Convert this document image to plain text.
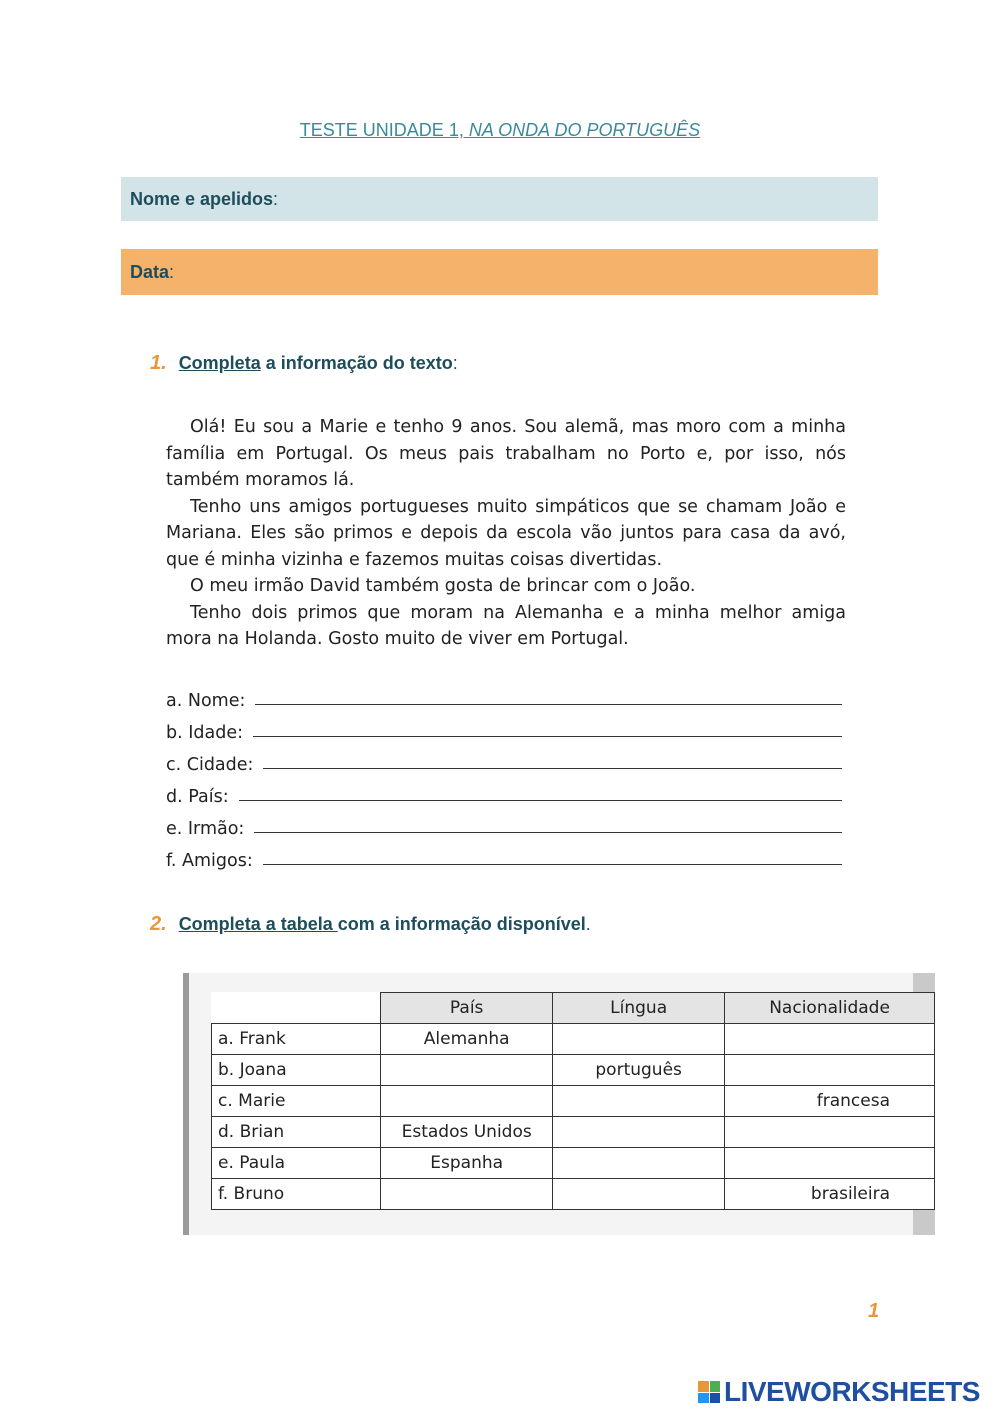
TESTE UNIDADE 1, NA ONDA DO PORTUGUÊS
Nome e apelidos :
Data :
1. Completa a informação do texto:

Olá! Eu sou a Marie e tenho 9 anos. Sou alemã, mas moro com a minha família em Portugal. Os meus pais trabalham no Porto e, por isso, nós também moramos lá.

Tenho uns amigos portugueses muito simpáticos que se chamam João e Mariana. Eles são primos e depois da escola vão juntos para casa da avó, que é minha vizinha e fazemos muitas coisas divertidas.

O meu irmão David também gosta de brincar com o João.

Tenho dois primos que moram na Alemanha e a minha melhor amiga mora na Holanda. Gosto muito de viver em Portugal.

a. Nome:
b. Idade:
c. Cidade:
d. País:
e. Irmão:
f. Amigos:
2. Completa a tabela com a informação disponível.
	País	Língua	Nacionalidade
a. Frank	Alemanha		
b. Joana		português	
c. Marie			francesa
d. Brian	Estados Unidos		
e. Paula	Espanha		
f. Bruno			brasileira
1
LIVEWORKSHEETS
